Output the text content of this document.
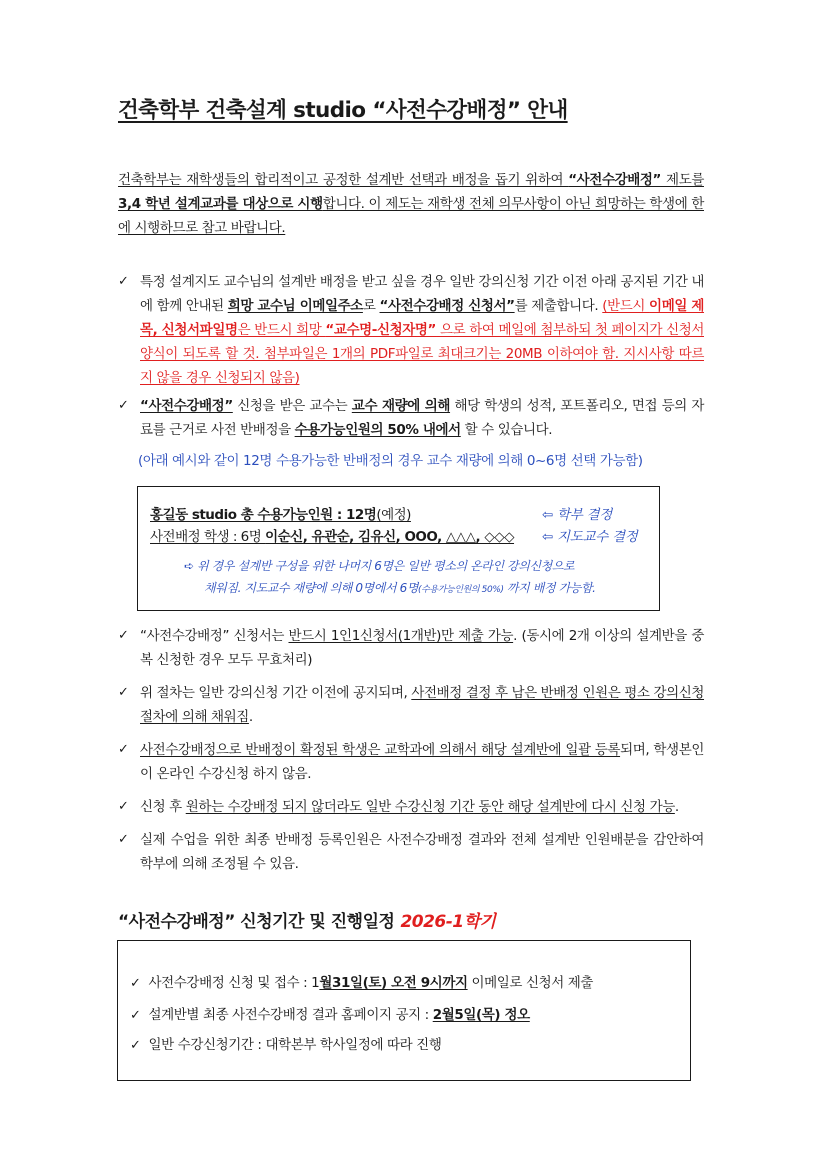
건축학부 건축설계 studio “사전수강배정” 안내
건축학부는 재학생들의 합리적이고 공정한 설계반 선택과 배정을 돕기 위하여 “사전수강배정” 제도를 3,4 학년 설계교과를 대상으로 시행합니다. 이 제도는 재학생 전체 의무사항이 아닌 희망하는 학생에 한에 시행하므로 참고 바랍니다.
✓ 특정 설계지도 교수님의 설계반 배정을 받고 싶을 경우 일반 강의신청 기간 이전 아래 공지된 기간 내에 함께 안내된 희망 교수님 이메일주소로 “사전수강배정 신청서”를 제출합니다. (반드시 이메일 제목, 신청서파일명은 반드시 희망 “교수명-신청자명” 으로 하여 메일에 첨부하되 첫 페이지가 신청서 양식이 되도록 할 것. 첨부파일은 1개의 PDF파일로 최대크기는 20MB 이하여야 함. 지시사항 따르지 않을 경우 신청되지 않음)
✓ “사전수강배정” 신청을 받은 교수는 교수 재량에 의해 해당 학생의 성적, 포트폴리오, 면접 등의 자료를 근거로 사전 반배정을 수용가능인원의 50% 내에서 할 수 있습니다.
(아래 예시와 같이 12명 수용가능한 반배정의 경우 교수 재량에 의해 0~6명 선택 가능함)
홍길동 studio 총 수용가능인원 : 12명(예정)	⇦ 학부 결정
사전배정 학생 : 6명 이순신, 유관순, 김유신, OOO, △△△, ◇◇◇ ⇦ 지도교수 결정
➪ 위 경우 설계반 구성을 위한 나머지 6명은 일반 평소의 온라인 강의신청으로
채워짐. 지도교수 재량에 의해 0명에서 6명(수용가능인원의 50%) 까지 배정 가능함.
✓ “사전수강배정” 신청서는 반드시 1인1신청서(1개반)만 제출 가능. (동시에 2개 이상의 설계반을 중복 신청한 경우 모두 무효처리)
✓ 위 절차는 일반 강의신청 기간 이전에 공지되며, 사전배정 결정 후 남은 반배정 인원은 평소 강의신청 절차에 의해 채워짐.
✓ 사전수강배정으로 반배정이 확정된 학생은 교학과에 의해서 해당 설계반에 일괄 등록되며, 학생본인이 온라인 수강신청 하지 않음.
✓ 신청 후 원하는 수강배정 되지 않더라도 일반 수강신청 기간 동안 해당 설계반에 다시 신청 가능.
✓ 실제 수업을 위한 최종 반배정 등록인원은 사전수강배정 결과와 전체 설계반 인원배분을 감안하여 학부에 의해 조정될 수 있음.
“사전수강배정” 신청기간 및 진행일정 2026-1학기
✓ 사전수강배정 신청 및 접수 : 1월31일(토) 오전 9시까지 이메일로 신청서 제출
✓ 설계반별 최종 사전수강배정 결과 홈페이지 공지 : 2월5일(목) 정오
✓ 일반 수강신청기간 : 대학본부 학사일정에 따라 진행
